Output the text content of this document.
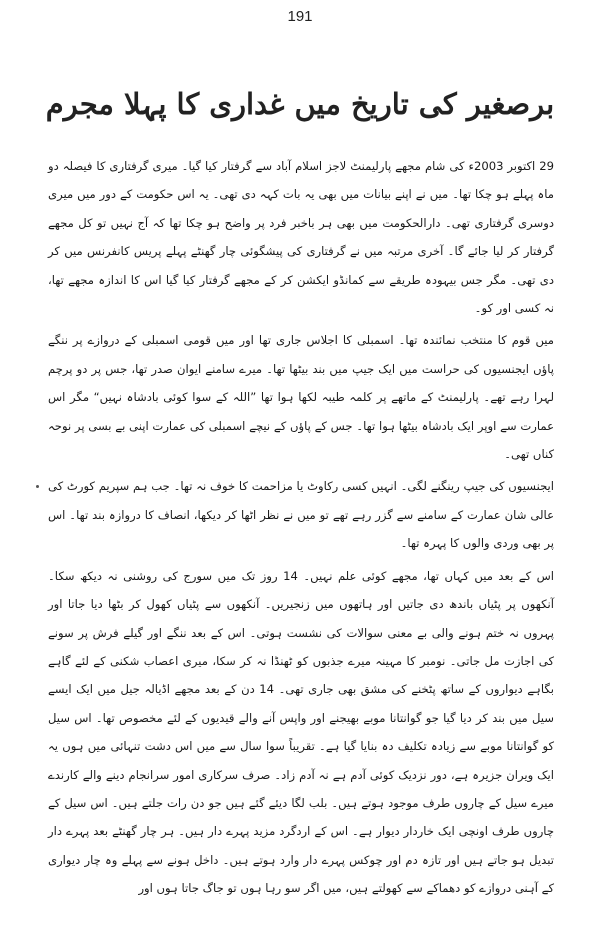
191
برصغیر کی تاریخ میں غداری کا پہلا مجرم

29 اکتوبر 2003ء کی شام مجھے پارلیمنٹ لاجز اسلام آباد سے گرفتار کیا گیا۔ میری گرفتاری کا فیصلہ دو ماہ پہلے ہو چکا تھا۔ میں نے اپنے بیانات میں بھی یہ بات کہہ دی تھی۔ یہ اس حکومت کے دور میں میری دوسری گرفتاری تھی۔ دارالحکومت میں بھی ہر باخبر فرد پر واضح ہو چکا تھا کہ آج نہیں تو کل مجھے گرفتار کر لیا جائے گا۔ آخری مرتبہ میں نے گرفتاری کی پیشگوئی چار گھنٹے پہلے پریس کانفرنس میں کر دی تھی۔ مگر جس بیہودہ طریقے سے کمانڈو ایکشن کر کے مجھے گرفتار کیا گیا اس کا اندازہ مجھے تھا، نہ کسی اور کو۔

میں قوم کا منتخب نمائندہ تھا۔ اسمبلی کا اجلاس جاری تھا اور میں قومی اسمبلی کے دروازے پر ننگے پاؤں ایجنسیوں کی حراست میں ایک جیپ میں بند بیٹھا تھا۔ میرے سامنے ایوان صدر تھا، جس پر دو پرچم لہرا رہے تھے۔ پارلیمنٹ کے ماتھے پر کلمہ طیبہ لکھا ہوا تھا ”اللہ کے سوا کوئی بادشاہ نہیں“ مگر اس عمارت سے اوپر ایک بادشاہ بیٹھا ہوا تھا۔ جس کے پاؤں کے نیچے اسمبلی کی عمارت اپنی بے بسی پر نوحہ کناں تھی۔

ایجنسیوں کی جیپ رینگنے لگی۔ انہیں کسی رکاوٹ یا مزاحمت کا خوف نہ تھا۔ جب ہم سپریم کورٹ کی عالی شان عمارت کے سامنے سے گزر رہے تھے تو میں نے نظر اٹھا کر دیکھا، انصاف کا دروازہ بند تھا۔ اس پر بھی وردی والوں کا پہرہ تھا۔

اس کے بعد میں کہاں تھا، مجھے کوئی علم نہیں۔ 14 روز تک میں سورج کی روشنی نہ دیکھ سکا۔ آنکھوں پر پٹیاں باندھ دی جاتیں اور ہاتھوں میں زنجیریں۔ آنکھوں سے پٹیاں کھول کر بٹھا دیا جاتا اور پہروں نہ ختم ہونے والی بے معنی سوالات کی نشست ہوتی۔ اس کے بعد ننگے اور گیلے فرش پر سونے کی اجازت مل جاتی۔ نومبر کا مہینہ میرے جذبوں کو ٹھنڈا نہ کر سکا، میری اعصاب شکنی کے لئے گاہے بگاہے دیواروں کے ساتھ پٹخنے کی مشق بھی جاری تھی۔ 14 دن کے بعد مجھے اڈیالہ جیل میں ایک ایسے سیل میں بند کر دیا گیا جو گوانتانا موبے بھیجنے اور واپس آنے والے قیدیوں کے لئے مخصوص تھا۔ اس سیل کو گوانتانا موبے سے زیادہ تکلیف دہ بنایا گیا ہے۔ تقریباً سوا سال سے میں اس دشت تنہائی میں ہوں یہ ایک ویران جزیرہ ہے، دور نزدیک کوئی آدم ہے نہ آدم زاد۔ صرف سرکاری امور سرانجام دینے والے کارندے میرے سیل کے چاروں طرف موجود ہوتے ہیں۔ بلب لگا دیئے گئے ہیں جو دن رات جلتے ہیں۔ اس سیل کے چاروں طرف اونچی ایک خاردار دیوار ہے۔ اس کے اردگرد مزید پہرے دار ہیں۔ ہر چار گھنٹے بعد پہرے دار تبدیل ہو جاتے ہیں اور تازہ دم اور چوکس پہرے دار وارد ہوتے ہیں۔ داخل ہونے سے پہلے وہ چار دیواری کے آہنی دروازے کو دھماکے سے کھولتے ہیں، میں اگر سو رہا ہوں تو جاگ جاتا ہوں اور
